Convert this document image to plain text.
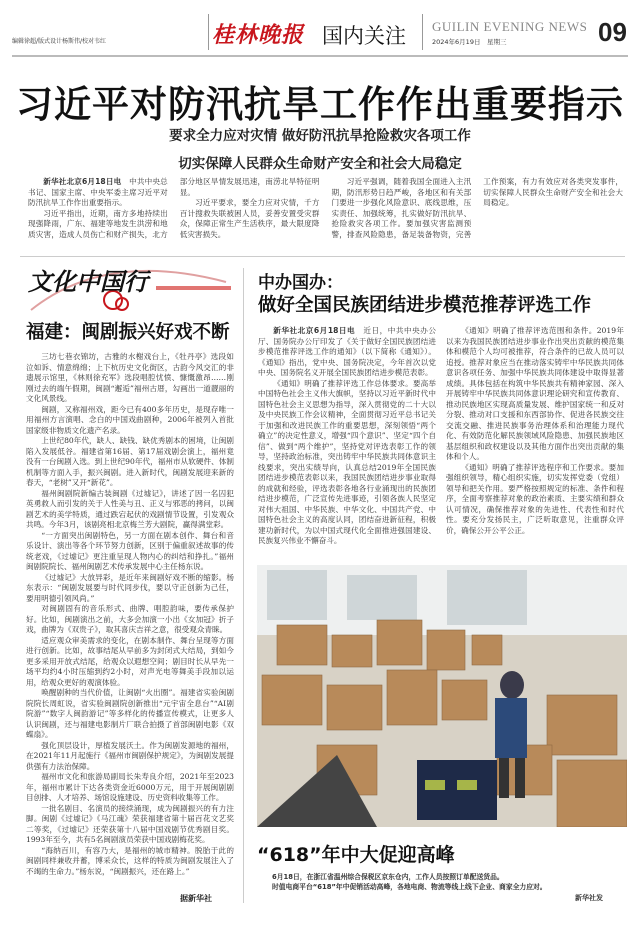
编辑徐超/版式设计杨斯伟/校对韦红	桂林晚报 国内关注 GUILIN EVENING NEWS
2024年6月19日　星期三	09
习近平对防汛抗旱工作作出重要指示
要求全力应对灾情 做好防汛抗旱抢险救灾各项工作
切实保障人民群众生命财产安全和社会大局稳定

新华社北京6月18日电　 中共中央总书记、国家主席、中央军委主席习近平对防汛抗旱工作作出重要指示。

习近平指出，近期，南方多地持续出现强降雨，广东、福建等地发生洪涝和地质灾害，造成人员伤亡和财产损失，北方部分地区旱情发展迅速，南涝北旱特征明显。

习近平要求，要全力应对灾情，千方百计搜救失联被困人员，妥善安置受灾群众，保障正常生产生活秩序，最大限度降低灾害损失。

习近平强调，随着我国全面进入主汛期，防汛形势日趋严峻，各地区和有关部门要进一步强化风险意识、底线思维，压实责任、加强统筹，扎实做好防汛抗旱、抢险救灾各项工作。要加强灾害监测预警，排查风险隐患，备足装备物资，完善工作预案，有力有效应对各类突发事件，切实保障人民群众生命财产安全和社会大局稳定。

文化中国行
福建：闽剧振兴好戏不断

三坊七巷衣锦坊，古雅的水榭戏台上，《牡丹亭》选段如泣如诉、情意绵绵；上下杭历史文化街区，古韵今风交汇的非遗展示馆里，《林则徐充军》选段唱腔忧愤、慷慨激昂……刚刚过去的端午假期，闽剧“邂逅”福州古厝，勾画出一道靓丽的文化风景线。

闽剧，又称福州戏，距今已有400多年历史，是现存唯一用福州方言演唱、念白的中国戏曲剧种，2006年被列入首批国家级非物质文化遗产名录。

上世纪80年代，缺人、缺钱、缺优秀剧本的困境，让闽剧陷入发展低谷。福建省第16届、第17届戏剧会演上，福州竟没有一台闽剧入选。到上世纪90年代，福州市从软硬件、体制机制等方面入手，振兴闽剧。进入新时代，闽剧发展迎来新的春天，“老树”又开“新花”。

福州闽剧院新编古装闽剧《过墟记》，讲述了因一名囚犯英勇救人而引发的关于人性美与丑、正义与邪恶的拷问，以闽剧艺术的美学特质，通过跌宕起伏的戏剧情节设置，引发观众共鸣。今年3月，该剧亮相北京梅兰芳大剧院，赢得满堂彩。

“一方面突出闽剧特色，另一方面在剧本创作、舞台和音乐设计、演出等各个环节努力创新，区别于偏重叙述故事的传统老戏，《过墟记》更注重呈现人物内心的纠结和挣扎。”福州闽剧院院长、福州闽剧艺术传承发展中心主任杨东说。

《过墟记》大放异彩，是近年来闽剧好戏不断的缩影。杨东表示：“闽剧发展要与时代同步伐，要以守正创新为己任，要用明德引领风尚。”

对闽剧固有的音乐形式、曲牌、唱腔韵味，要传承保护好。比如，闽剧演出之前，大多会加演一小出《女加冠》折子戏，曲牌为《双贵子》，取其喜庆吉祥之意，很受观众青睐。

适应观众审美需求的变化，在剧本制作、舞台呈现等方面进行创新。比如，故事结尾从早前多为封闭式大结局，到如今更多采用开放式结尾，给观众以遐想空间；剧目时长从早先一场平均约4小时压缩到约2小时，对声光电等舞美手段加以运用，给观众更好的观演体验。

唤醒剧种的当代价值，让闽剧“火出圈”。福建省实验闽剧院院长周虹说，省实验闽剧院创新推出“元宇宙全息台”“AI剧院游”“数字人闽韵游记”等多样化的传播宣传模式，让更多人认识闽剧，还与福建电影制片厂联合拍摄了首部闽剧电影《双蝶扇》。

强化顶层设计，厚植发展沃土。作为闽剧发源地的福州，在2021年11月起施行《福州市闽剧保护规定》，为闽剧发展提供强有力法治保障。

福州市文化和旅游局副局长朱寿良介绍，2021年至2023年，福州市累计下达各类资金近6000万元，用于开展闽剧剧目创排、人才培养、场馆设施建设、历史资料收集等工作。

一批名剧目、名演员的接续涌现，成为闽剧振兴的有力注脚。闽剧《过墟记》《马江魂》荣获福建省第十届百花文艺奖二等奖，《过墟记》还荣获第十八届中国戏剧节优秀剧目奖。1993年至今，共有5名闽剧演员荣获中国戏剧梅花奖。

“海纳百川，有容乃大，是福州的城市精神。脱胎于此的闽剧同样兼收并蓄，博采众长，这样的特质为闽剧发展注入了不竭的生命力。”杨东说，“闽剧振兴，还在路上。”

据新华社
中办国办：
做好全国民族团结进步模范推荐评选工作

新华社北京6月18日电　 近日，中共中央办公厅、国务院办公厅印发了《关于做好全国民族团结进步模范推荐评选工作的通知》（以下简称《通知》）。《通知》指出，党中央、国务院决定，今年首次以党中央、国务院名义开展全国民族团结进步模范表彰。

《通知》明确了推荐评选工作总体要求。要高举中国特色社会主义伟大旗帜，坚持以习近平新时代中国特色社会主义思想为指导，深入贯彻党的二十大以及中央民族工作会议精神，全面贯彻习近平总书记关于加强和改进民族工作的重要思想，深刻领悟“两个确立”的决定性意义，增强“四个意识”、坚定“四个自信”、做到“两个维护”，坚持党对评选表彰工作的领导，坚持政治标准，突出铸牢中华民族共同体意识主线要求，突出实绩导向，认真总结2019年全国民族团结进步模范表彰以来，我国民族团结进步事业取得的成就和经验，评选表彰各地各行业涌现出的民族团结进步模范，广泛宣传先进事迹，引领各族人民坚定对伟大祖国、中华民族、中华文化、中国共产党、中国特色社会主义的高度认同，团结奋进新征程，积极建功新时代，为以中国式现代化全面推进强国建设、民族复兴伟业不懈奋斗。

《通知》明确了推荐评选范围和条件。2019年以来为我国民族团结进步事业作出突出贡献的模范集体和模范个人均可被推荐，符合条件的已故人员可以追授。推荐对象应当在推动落实铸牢中华民族共同体意识各项任务、加强中华民族共同体建设中取得显著成绩。具体包括在构筑中华民族共有精神家园、深入开展铸牢中华民族共同体意识理论研究和宣传教育、推动民族地区实现高质量发展、维护国家统一和反对分裂、推动对口支援和东西部协作、促进各民族交往交流交融、推进民族事务治理体系和治理能力现代化、有效防范化解民族领域风险隐患、加强民族地区基层组织和政权建设以及其他方面作出突出贡献的集体和个人。

《通知》明确了推荐评选程序和工作要求。要加强组织领导，精心组织实施，切实发挥党委（党组）领导和把关作用。要严格按照规定的标准、条件和程序，全面考察推荐对象的政治素质、主要实绩和群众认可情况，确保推荐对象的先进性、代表性和时代性。要充分发扬民主，广泛听取意见，注重群众评价，确保公开公平公正。

“618”年中大促迎高峰
6月18日，在浙江省温州综合保税区京东仓内，工作人员按照订单配送货品。
时值电商平台“618”年中促销活动高峰，各地电商、物流等线上线下企业、商家全力应对。
新华社发
